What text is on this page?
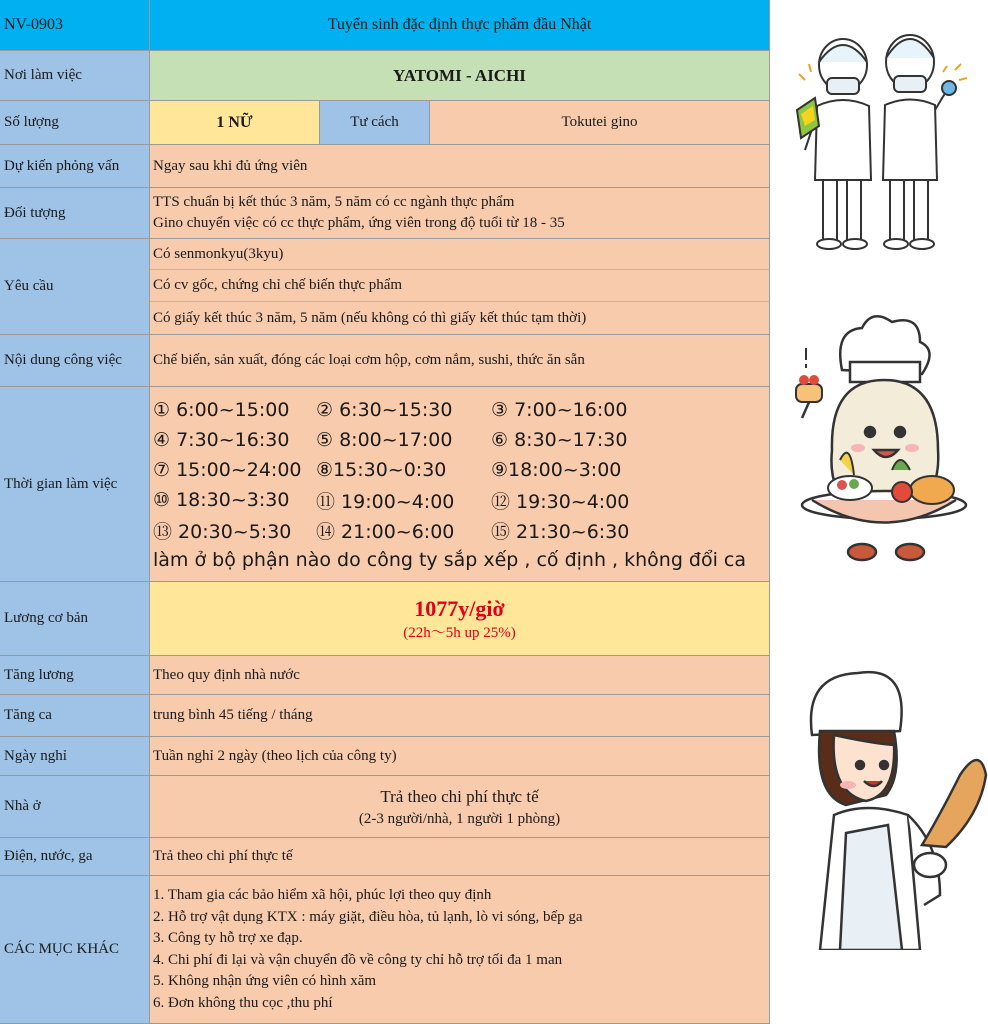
NV-0903	Tuyển sinh đặc định thực phẩm đầu Nhật
Nơi làm việc	YATOMI - AICHI
Số lượng	1 NỮ	Tư cách	Tokutei gino
Dự kiến phỏng vấn	Ngay sau khi đủ ứng viên
Đối tượng
TTS chuẩn bị kết thúc 3 năm, 5 năm có cc ngành thực phẩm
Gino chuyển việc có cc thực phẩm, ứng viên trong độ tuổi từ 18 - 35
Yêu cầu
Có senmonkyu(3kyu)
Có cv gốc, chứng chỉ chế biến thực phẩm
Có giấy kết thúc 3 năm, 5 năm (nếu không có thì giấy kết thúc tạm thời)
Nội dung công việc	Chế biến, sản xuất, đóng các loại cơm hộp, cơm nắm, sushi, thức ăn sẵn
Thời gian làm việc
① 6:00~15:00	② 6:30~15:30	③ 7:00~16:00
④ 7:30~16:30	⑤ 8:00~17:00	⑥ 8:30~17:30
⑦ 15:00~24:00 ⑧15:30~0:30	⑨18:00~3:00
⑩ 18:30~3:30	⑪ 19:00~4:00	⑫ 19:30~4:00
⑬ 20:30~5:30	⑭ 21:00~6:00	⑮ 21:30~6:30
làm ở bộ phận nào do công ty sắp xếp , cố định , không đổi ca
Lương cơ bản	1077y/giờ
(22h～5h up 25%)
Tăng lương	Theo quy định nhà nước
Tăng ca	trung bình 45 tiếng / tháng
Ngày nghỉ	Tuần nghỉ 2 ngày (theo lịch của công ty)
Nhà ở
Trả theo chi phí thực tế
(2-3 người/nhà, 1 người 1 phòng)
Điện, nước, ga	Trả theo chi phí thực tế
CÁC MỤC KHÁC
1. Tham gia các bảo hiểm xã hội, phúc lợi theo quy định
2. Hỗ trợ vật dụng KTX : máy giặt, điều hòa, tủ lạnh, lò vi sóng, bếp ga
3. Công ty hỗ trợ xe đạp.
4. Chi phí đi lại và vận chuyển đồ về công ty chỉ hỗ trợ tối đa 1 man
5. Không nhận ứng viên có hình xăm
6. Đơn không thu cọc ,thu phí
